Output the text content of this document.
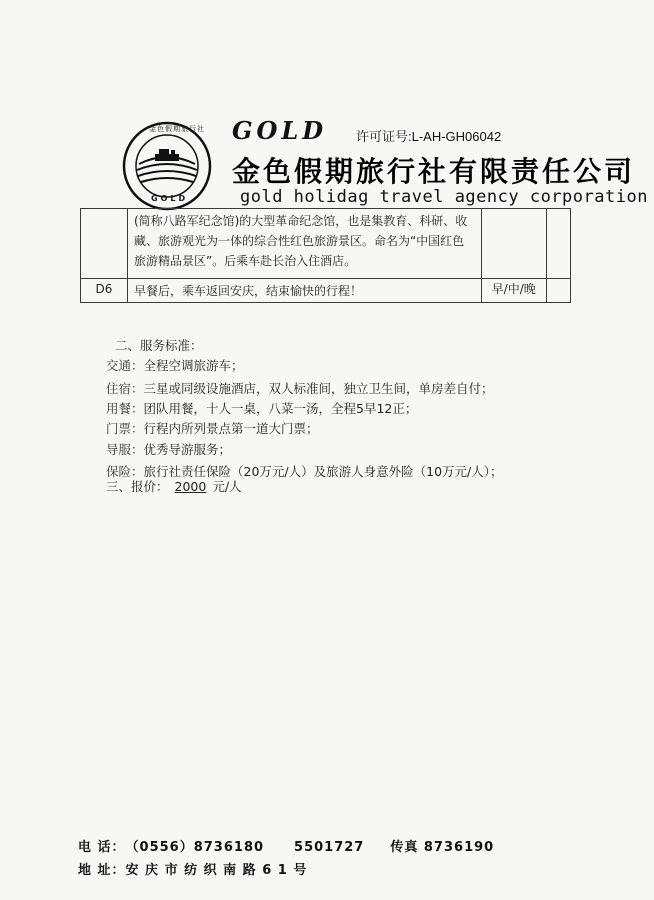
金色假期旅行社
GOLD
GOLD 许可证号:L-AH-GH06042
金色假期旅行社有限责任公司
gold holidag travel agency corporation
	(简称八路军纪念馆)的大型革命纪念馆，也是集教育、科研、收藏、旅游观光为一体的综合性红色旅游景区。命名为“中国红色旅游精品景区”。后乘车赴长治入住酒店。		
D6	早餐后，乘车返回安庆，结束愉快的行程！	早/中/晚	
二、服务标准：
交通：全程空调旅游车；
住宿：三星或同级设施酒店，双人标准间，独立卫生间，单房差自付；
用餐：团队用餐，十人一桌，八菜一汤，全程5早12正；
门票：行程内所列景点第一道大门票；
导服：优秀导游服务；
保险：旅行社责任保险（20万元/人）及旅游人身意外险（10万元/人）；
三、报价： 2000 元/人
电 话：（0556）8736180 5501727 传真 8736190
地 址：安 庆 市 纺 织 南 路 6 1 号
